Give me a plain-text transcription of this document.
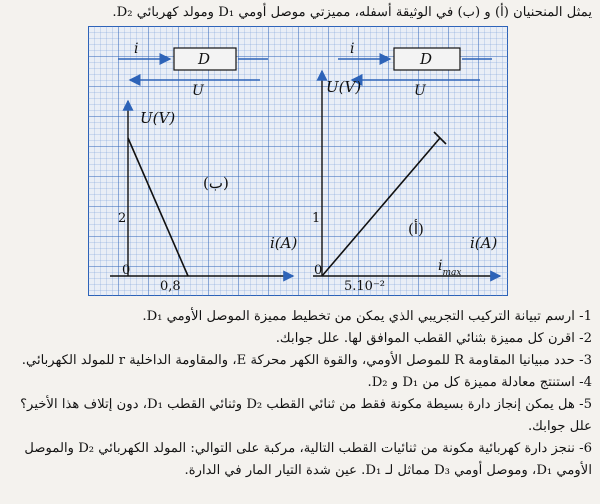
يمثل المنحنيان (أ) و (ب) في الوثيقة أسفله، مميزتي موصل أومي D₁ ومولد كهربائي D₂.
i
D
U
U(V)
i(A)
2
0
0,8
(ب)
i
D
U
U(V)
i(A)
1
0
5.10⁻²
(أ)
$i_{max}$
1- ارسم تبيانة التركيب التجريبي الذي يمكن من تخطيط مميزة الموصل الأومي D₁.
2- اقرن كل مميزة بثنائي القطب الموافق لها. علل جوابك.
3- حدد مبيانيا المقاومة R للموصل الأومي، والقوة الكهر محركة E، والمقاومة الداخلية r للمولد الكهربائي.
4- استنتج معادلة مميزة كل من D₁ و D₂.
5- هل يمكن إنجاز دارة بسيطة مكونة فقط من ثنائي القطب D₂ وثنائي القطب D₁، دون إتلاف هذا الأخير؟
علل جوابك.
6- ننجز دارة كهربائية مكونة من ثنائيات القطب التالية، مركبة على التوالي: المولد الكهربائي D₂ والموصل
الأومي D₁، وموصل أومي D₃ مماثل لـ D₁. عين شدة التيار المار في الدارة.
